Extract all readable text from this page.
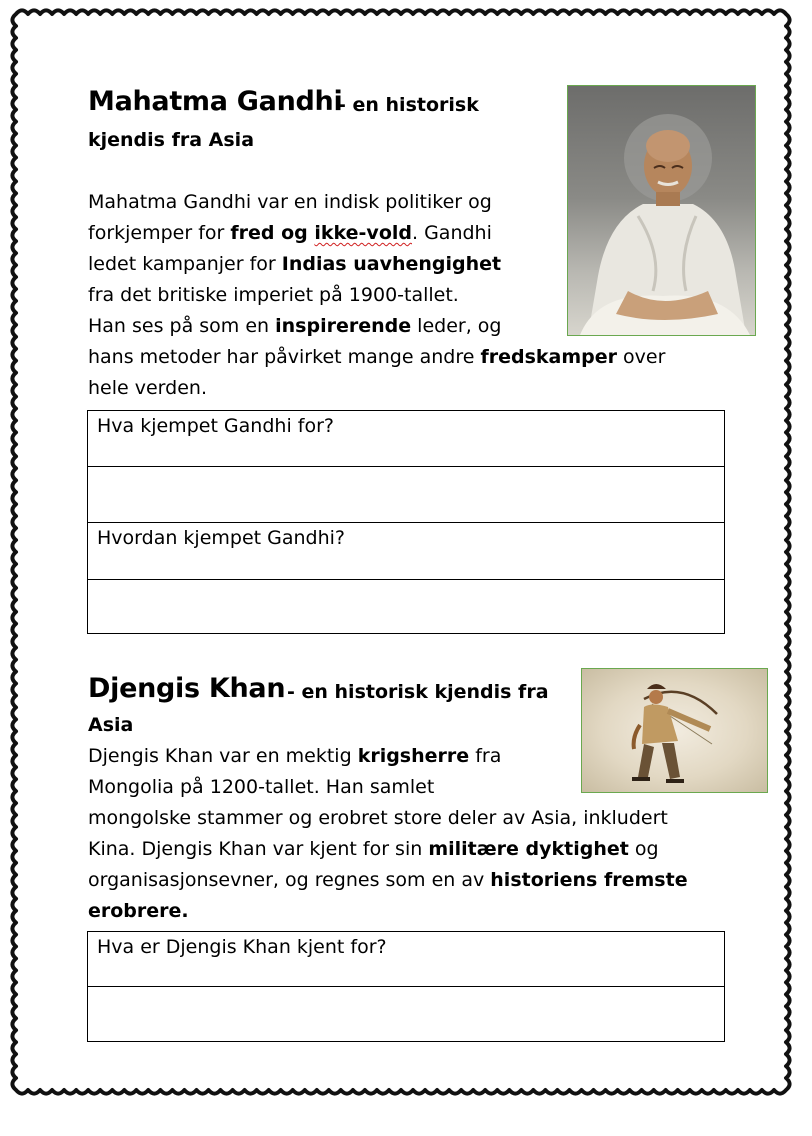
Mahatma Gandhi
- en historisk
kjendis fra Asia
Mahatma Gandhi var en indisk politiker og
forkjemper for fred og ikke-vold. Gandhi
ledet kampanjer for Indias uavhengighet
fra det britiske imperiet på 1900-tallet.
Han ses på som en inspirerende leder, og
hans metoder har påvirket mange andre fredskamper over
hele verden.
Hva kjempet Gandhi for?

Hvordan kjempet Gandhi?

Djengis Khan - en historisk kjendis fra
Asia
Djengis Khan var en mektig krigsherre fra
Mongolia på 1200-tallet. Han samlet
mongolske stammer og erobret store deler av Asia, inkludert
Kina. Djengis Khan var kjent for sin militære dyktighet og
organisasjonsevner, og regnes som en av historiens fremste
erobrere.
Hva er Djengis Khan kjent for?
